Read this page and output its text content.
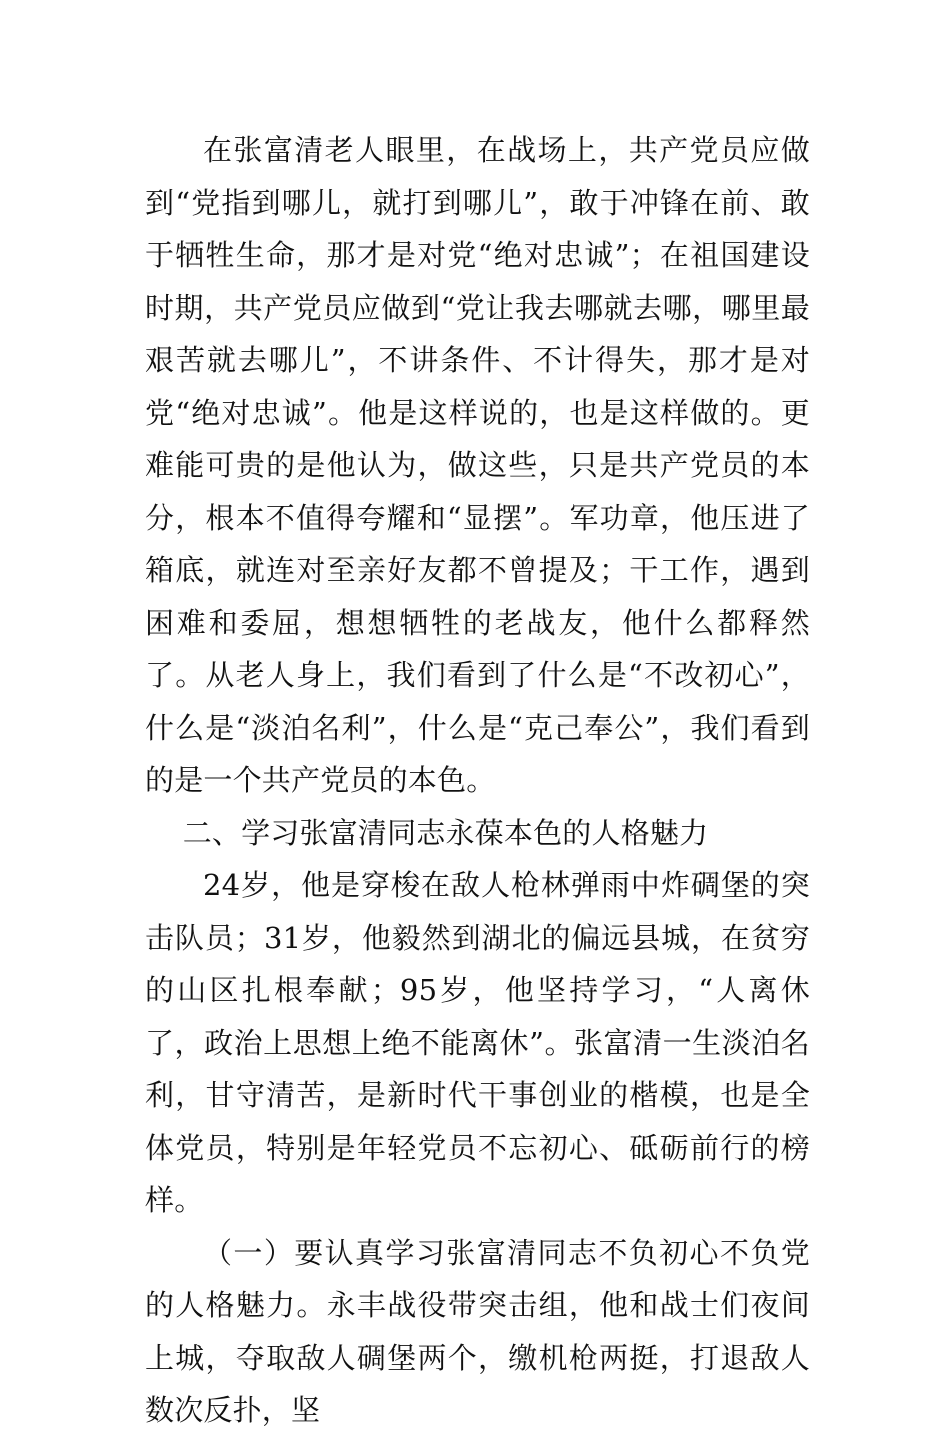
在张富清老人眼里，在战场上，共产党员应做到“党指到哪儿，就打到哪儿”，敢于冲锋在前、敢于牺牲生命，那才是对党“绝对忠诚”；在祖国建设时期，共产党员应做到“党让我去哪就去哪，哪里最艰苦就去哪儿”，不讲条件、不计得失，那才是对党“绝对忠诚”。他是这样说的，也是这样做的。更难能可贵的是他认为，做这些，只是共产党员的本分，根本不值得夸耀和“显摆”。军功章，他压进了箱底，就连对至亲好友都不曾提及；干工作，遇到困难和委屈，想想牺牲的老战友，他什么都释然了。从老人身上，我们看到了什么是“不改初心”，什么是“淡泊名利”，什么是“克己奉公”，我们看到的是一个共产党员的本色。

二、学习张富清同志永葆本色的人格魅力

24岁，他是穿梭在敌人枪林弹雨中炸碉堡的突击队员；31岁，他毅然到湖北的偏远县城，在贫穷的山区扎根奉献；95岁，他坚持学习，“人离休了，政治上思想上绝不能离休”。张富清一生淡泊名利，甘守清苦，是新时代干事创业的楷模，也是全体党员，特别是年轻党员不忘初心、砥砺前行的榜样。

（一）要认真学习张富清同志不负初心不负党的人格魅力。永丰战役带突击组，他和战士们夜间上城，夺取敌人碉堡两个，缴机枪两挺，打退敌人数次反扑，坚
